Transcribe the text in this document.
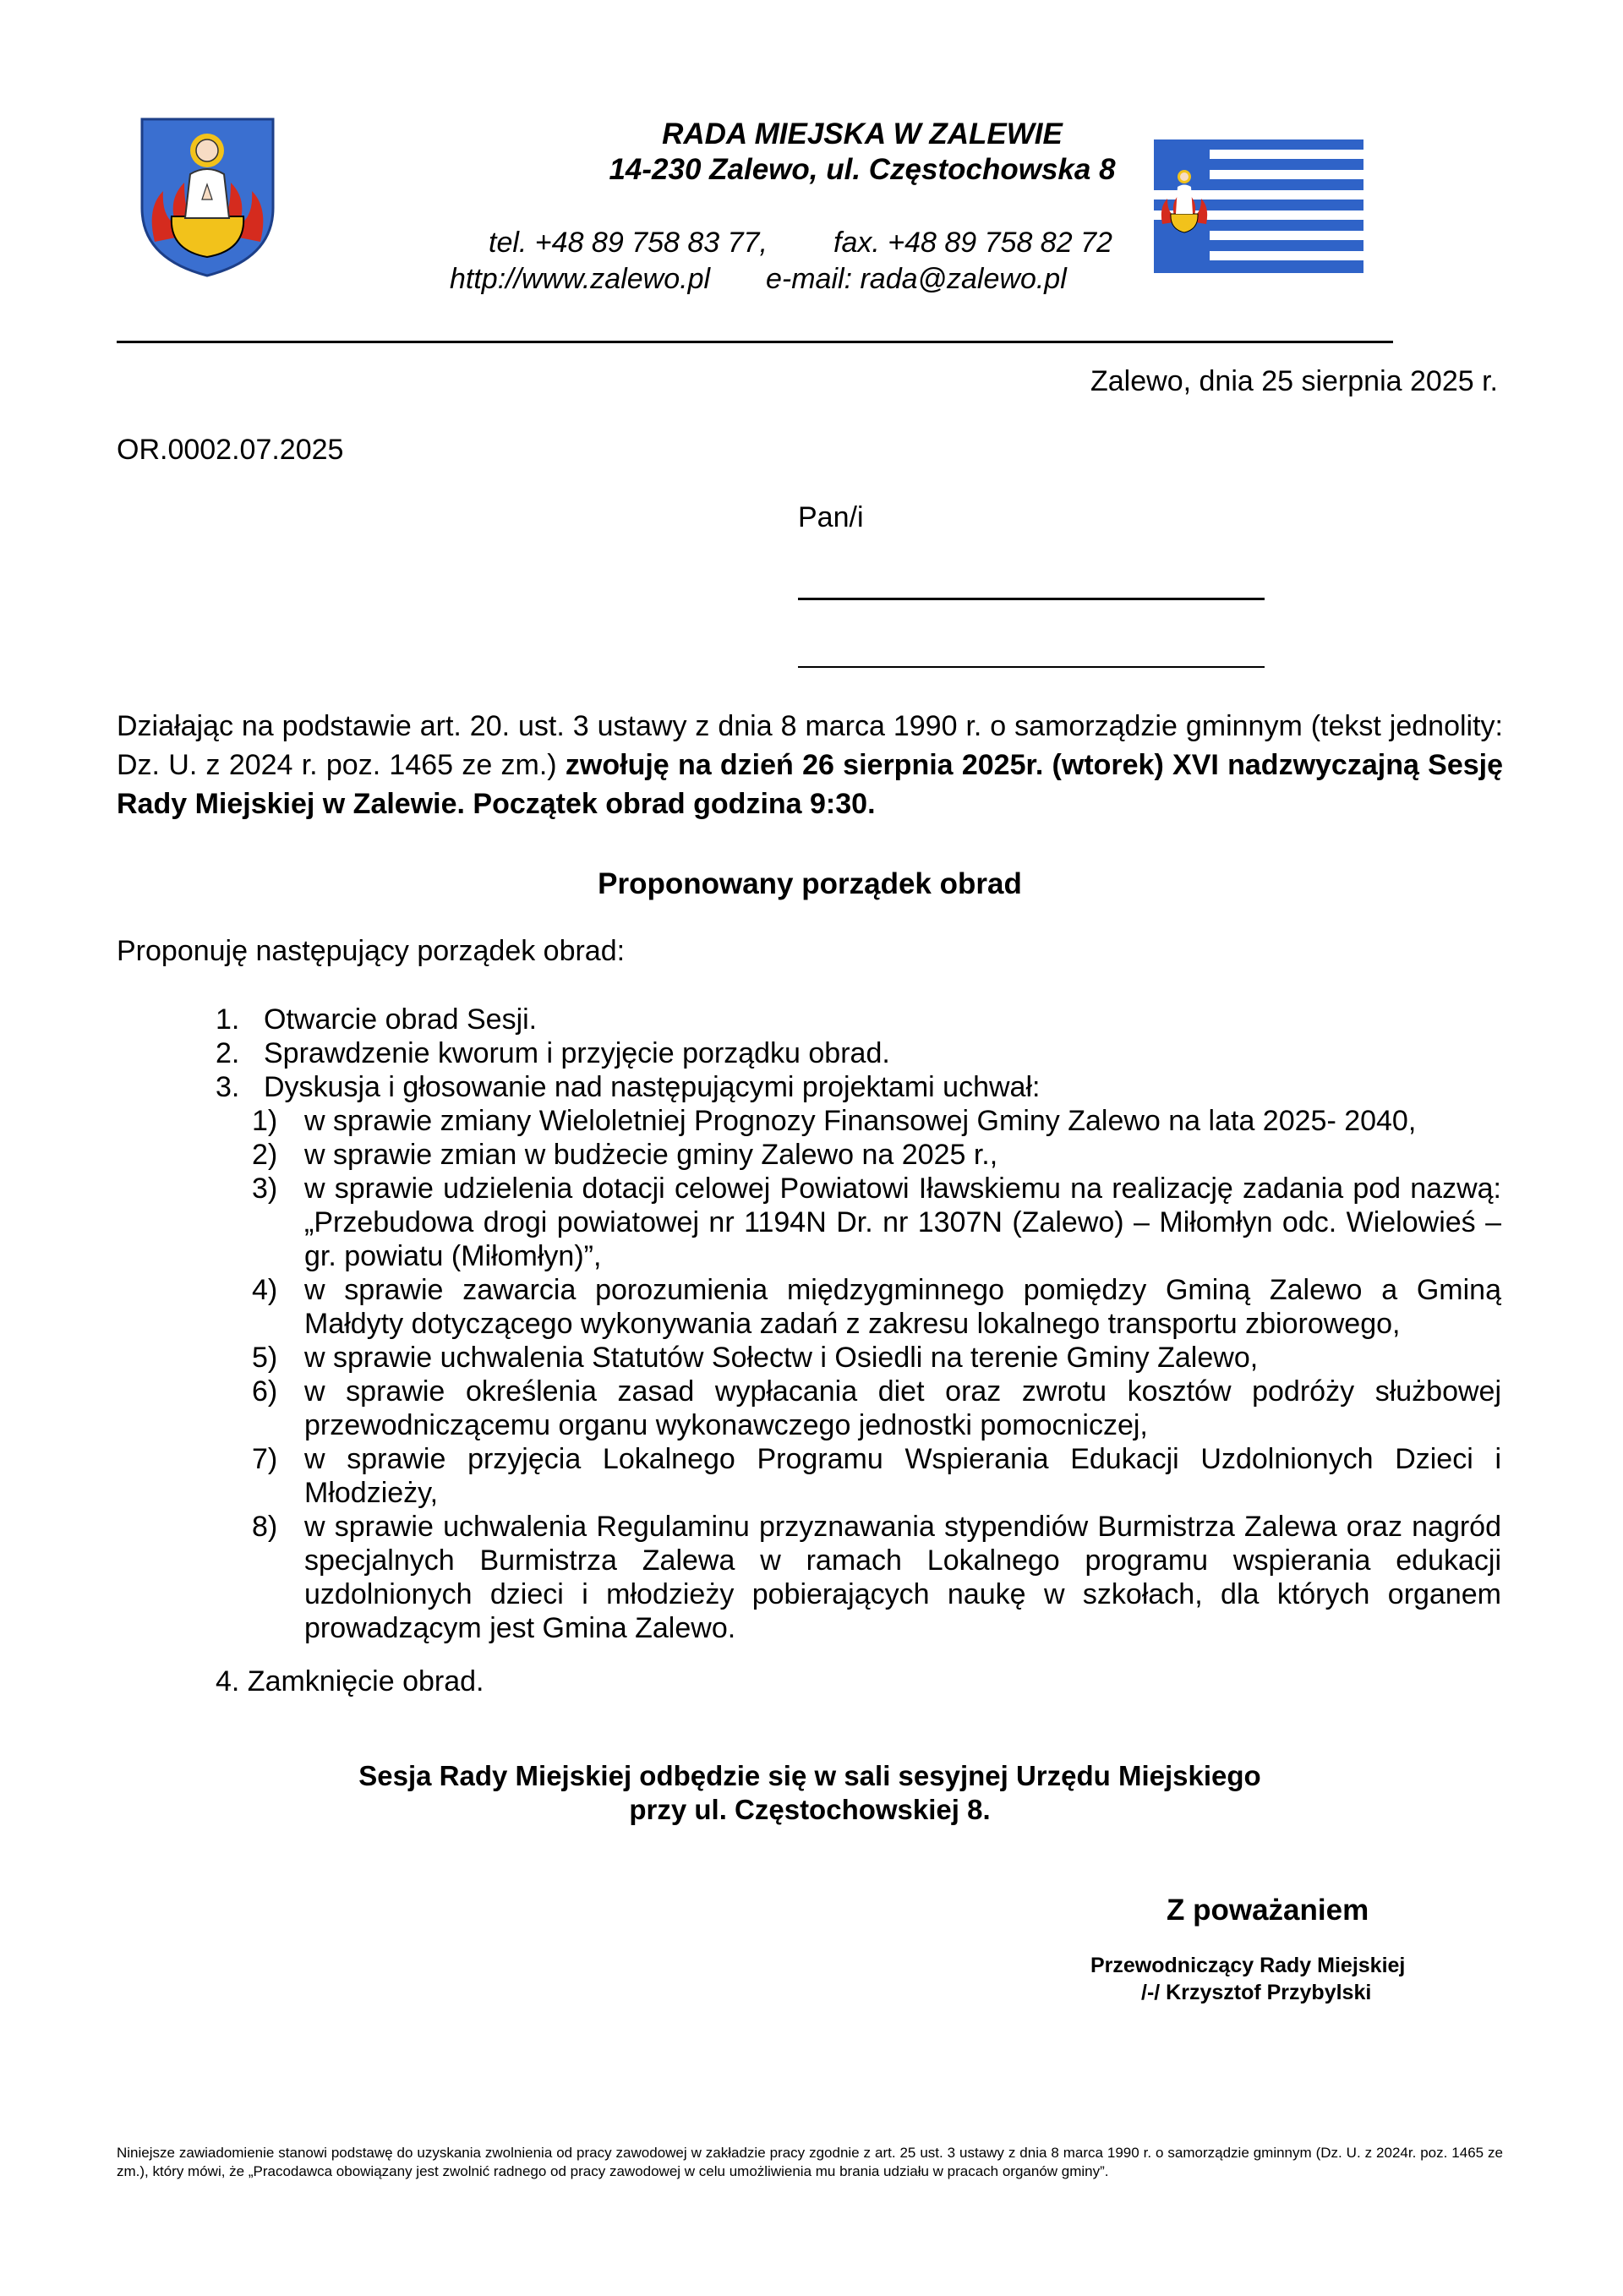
RADA MIEJSKA W ZALEWIE
14-230 Zalewo, ul. Częstochowska 8
tel. +48 89 758 83 77, fax. +48 89 758 82 72
http://www.zalewo.pl e-mail: rada@zalewo.pl
Zalewo, dnia 25 sierpnia 2025 r.
OR.0002.07.2025
Pan/i
Działając na podstawie art. 20. ust. 3 ustawy z dnia 8 marca 1990 r. o samorządzie gminnym (tekst jednolity: Dz. U. z 2024 r. poz. 1465 ze zm.) zwołuję na dzień 26 sierpnia 2025r. (wtorek) XVI nadzwyczajną Sesję Rady Miejskiej w Zalewie. Początek obrad godzina 9:30.
Proponowany porządek obrad
Proponuję następujący porządek obrad:
1. Otwarcie obrad Sesji.
2. Sprawdzenie kworum i przyjęcie porządku obrad.
3. Dyskusja i głosowanie nad następującymi projektami uchwał:
1) w sprawie zmiany Wieloletniej Prognozy Finansowej Gminy Zalewo na lata 2025- 2040,
2) w sprawie zmian w budżecie gminy Zalewo na 2025 r.,
3) w sprawie udzielenia dotacji celowej Powiatowi Iławskiemu na realizację zadania pod nazwą:
„Przebudowa drogi powiatowej nr 1194N Dr. nr 1307N (Zalewo) – Miłomłyn odc. Wielowieś –
gr. powiatu (Miłomłyn)”,
4) w sprawie zawarcia porozumienia międzygminnego pomiędzy Gminą Zalewo a Gminą
Małdyty dotyczącego wykonywania zadań z zakresu lokalnego transportu zbiorowego,
5) w sprawie uchwalenia Statutów Sołectw i Osiedli na terenie Gminy Zalewo,
6) w sprawie określenia zasad wypłacania diet oraz zwrotu kosztów podróży służbowej
przewodniczącemu organu wykonawczego jednostki pomocniczej,
7) w sprawie przyjęcia Lokalnego Programu Wspierania Edukacji Uzdolnionych Dzieci i
Młodzieży,
8) w sprawie uchwalenia Regulaminu przyznawania stypendiów Burmistrza Zalewa oraz nagród
specjalnych Burmistrza Zalewa w ramach Lokalnego programu wspierania edukacji
uzdolnionych dzieci i młodzieży pobierających naukę w szkołach, dla których organem
prowadzącym jest Gmina Zalewo.
4. Zamknięcie obrad.
Sesja Rady Miejskiej odbędzie się w sali sesyjnej Urzędu Miejskiego
przy ul. Częstochowskiej 8.
Z poważaniem
Przewodniczący Rady Miejskiej
/-/ Krzysztof Przybylski
Niniejsze zawiadomienie stanowi podstawę do uzyskania zwolnienia od pracy zawodowej w zakładzie pracy zgodnie z art. 25 ust. 3 ustawy z dnia 8 marca 1990 r. o samorządzie gminnym (Dz. U. z 2024r. poz. 1465 ze zm.), który mówi, że „Pracodawca obowiązany jest zwolnić radnego od pracy zawodowej w celu umożliwienia mu brania udziału w pracach organów gminy”.
